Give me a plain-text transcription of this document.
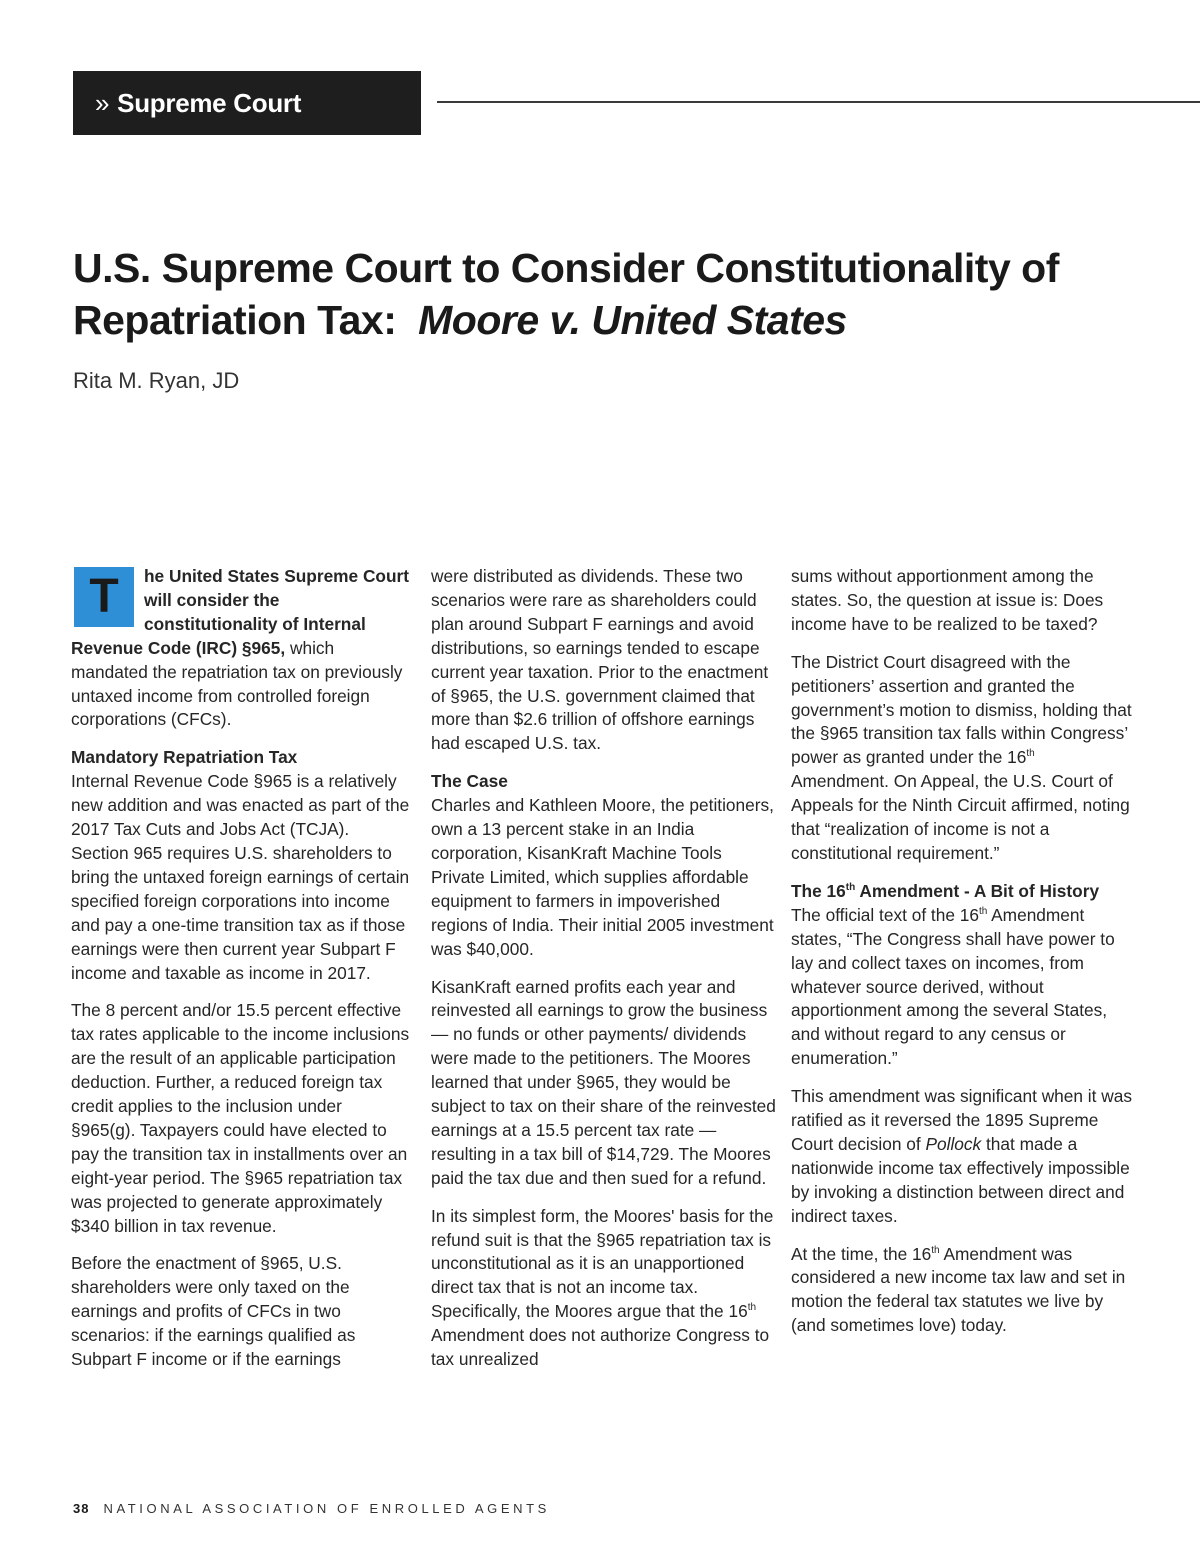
» Supreme Court
U.S. Supreme Court to Consider Constitutionality of
Repatriation Tax:  Moore v. United States
Rita M. Ryan, JD

T	he United States Supreme Court will consider the constitutionality of Internal Revenue Code (IRC) §965, which mandated the repatriation tax on previously untaxed income from controlled foreign corporations (CFCs).

Mandatory Repatriation Tax
Internal Revenue Code §965 is a relatively new addition and was enacted as part of the 2017 Tax Cuts and Jobs Act (TCJA). Section 965 requires U.S. shareholders to bring the untaxed foreign earnings of certain specified foreign corporations into income and pay a one-time transition tax as if those earnings were then current year Subpart F income and taxable as income in 2017.

The 8 percent and/or 15.5 percent effective tax rates applicable to the income inclusions are the result of an applicable participation deduction. Further, a reduced foreign tax credit applies to the inclusion under §965(g). Taxpayers could have elected to pay the transition tax in installments over an eight-year period. The §965 repatriation tax was projected to generate approximately $340 billion in tax revenue.

Before the enactment of §965, U.S. shareholders were only taxed on the earnings and profits of CFCs in two scenarios: if the earnings qualified as Subpart F income or if the earnings

were distributed as dividends. These two scenarios were rare as shareholders could plan around Subpart F earnings and avoid distributions, so earnings tended to escape current year taxation. Prior to the enactment of §965, the U.S. government claimed that more than $2.6 trillion of offshore earnings had escaped U.S. tax.

The Case
Charles and Kathleen Moore, the petitioners, own a 13 percent stake in an India corporation, KisanKraft Machine Tools Private Limited, which supplies affordable equipment to farmers in impoverished regions of India. Their initial 2005 investment was $40,000.

KisanKraft earned profits each year and reinvested all earnings to grow the business — no funds or other payments/ dividends were made to the petitioners. The Moores learned that under §965, they would be subject to tax on their share of the reinvested earnings at a 15.5 percent tax rate — resulting in a tax bill of $14,729. The Moores paid the tax due and then sued for a refund.

In its simplest form, the Moores' basis for the refund suit is that the §965 repatriation tax is unconstitutional as it is an unapportioned direct tax that is not an income tax. Specifically, the Moores argue that the 16th Amendment does not authorize Congress to tax unrealized

sums without apportionment among the states. So, the question at issue is: Does income have to be realized to be taxed?

The District Court disagreed with the petitioners’ assertion and granted the government’s motion to dismiss, holding that the §965 transition tax falls within Congress’ power as granted under the 16th Amendment. On Appeal, the U.S. Court of Appeals for the Ninth Circuit affirmed, noting that “realization of income is not a constitutional requirement.”

The 16th Amendment - A Bit of History
The official text of the 16th Amendment states, “The Congress shall have power to lay and collect taxes on incomes, from whatever source derived, without apportionment among the several States, and without regard to any census or enumeration.”

This amendment was significant when it was ratified as it reversed the 1895 Supreme Court decision of Pollock that made a nationwide income tax effectively impossible by invoking a distinction between direct and indirect taxes.

At the time, the 16th Amendment was considered a new income tax law and set in motion the federal tax statutes we live by (and sometimes love) today.

38 NATIONAL ASSOCIATION OF ENROLLED AGENTS
